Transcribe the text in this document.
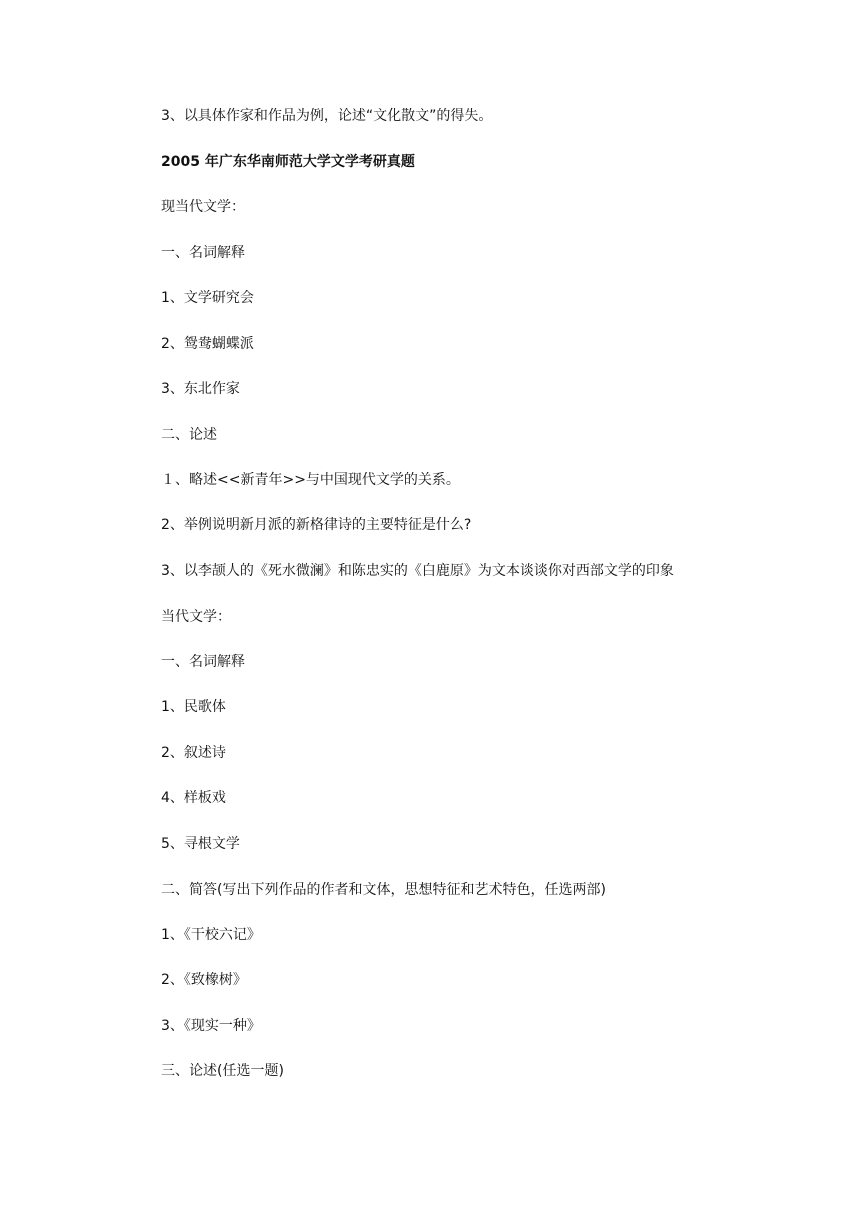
3、以具体作家和作品为例，论述“文化散文”的得失。
2005 年广东华南师范大学文学考研真题
现当代文学：
一、名词解释
1、文学研究会
2、鸳鸯蝴蝶派
3、东北作家
二、论述
１、略述<<新青年>>与中国现代文学的关系。
2、举例说明新月派的新格律诗的主要特征是什么?
3、以李颉人的《死水微澜》和陈忠实的《白鹿原》为文本谈谈你对西部文学的印象
当代文学：
一、名词解释
1、民歌体
2、叙述诗
4、样板戏
5、寻根文学
二、简答(写出下列作品的作者和文体，思想特征和艺术特色，任选两部)
1、《干校六记》
2、《致橡树》
3、《现实一种》
三、论述(任选一题)
